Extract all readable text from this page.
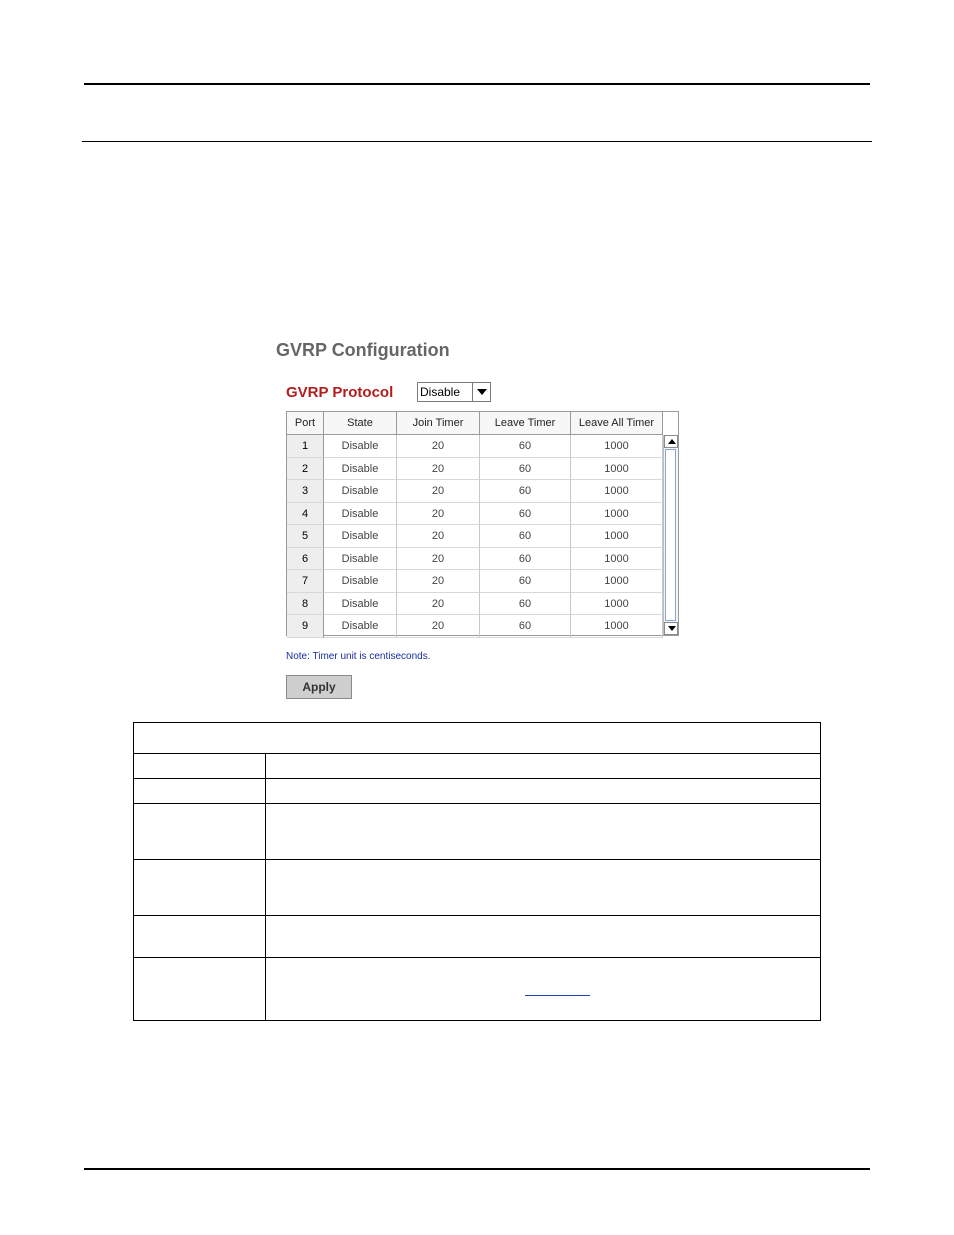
GVRP Configuration
GVRP Protocol Disable
Port	State	Join Timer	Leave Timer	Leave All Timer
1	Disable	20	60	1000
2	Disable	20	60	1000
3	Disable	20	60	1000
4	Disable	20	60	1000
5	Disable	20	60	1000
6	Disable	20	60	1000
7	Disable	20	60	1000
8	Disable	20	60	1000
9	Disable	20	60	1000
Note: Timer unit is centiseconds.
Apply
